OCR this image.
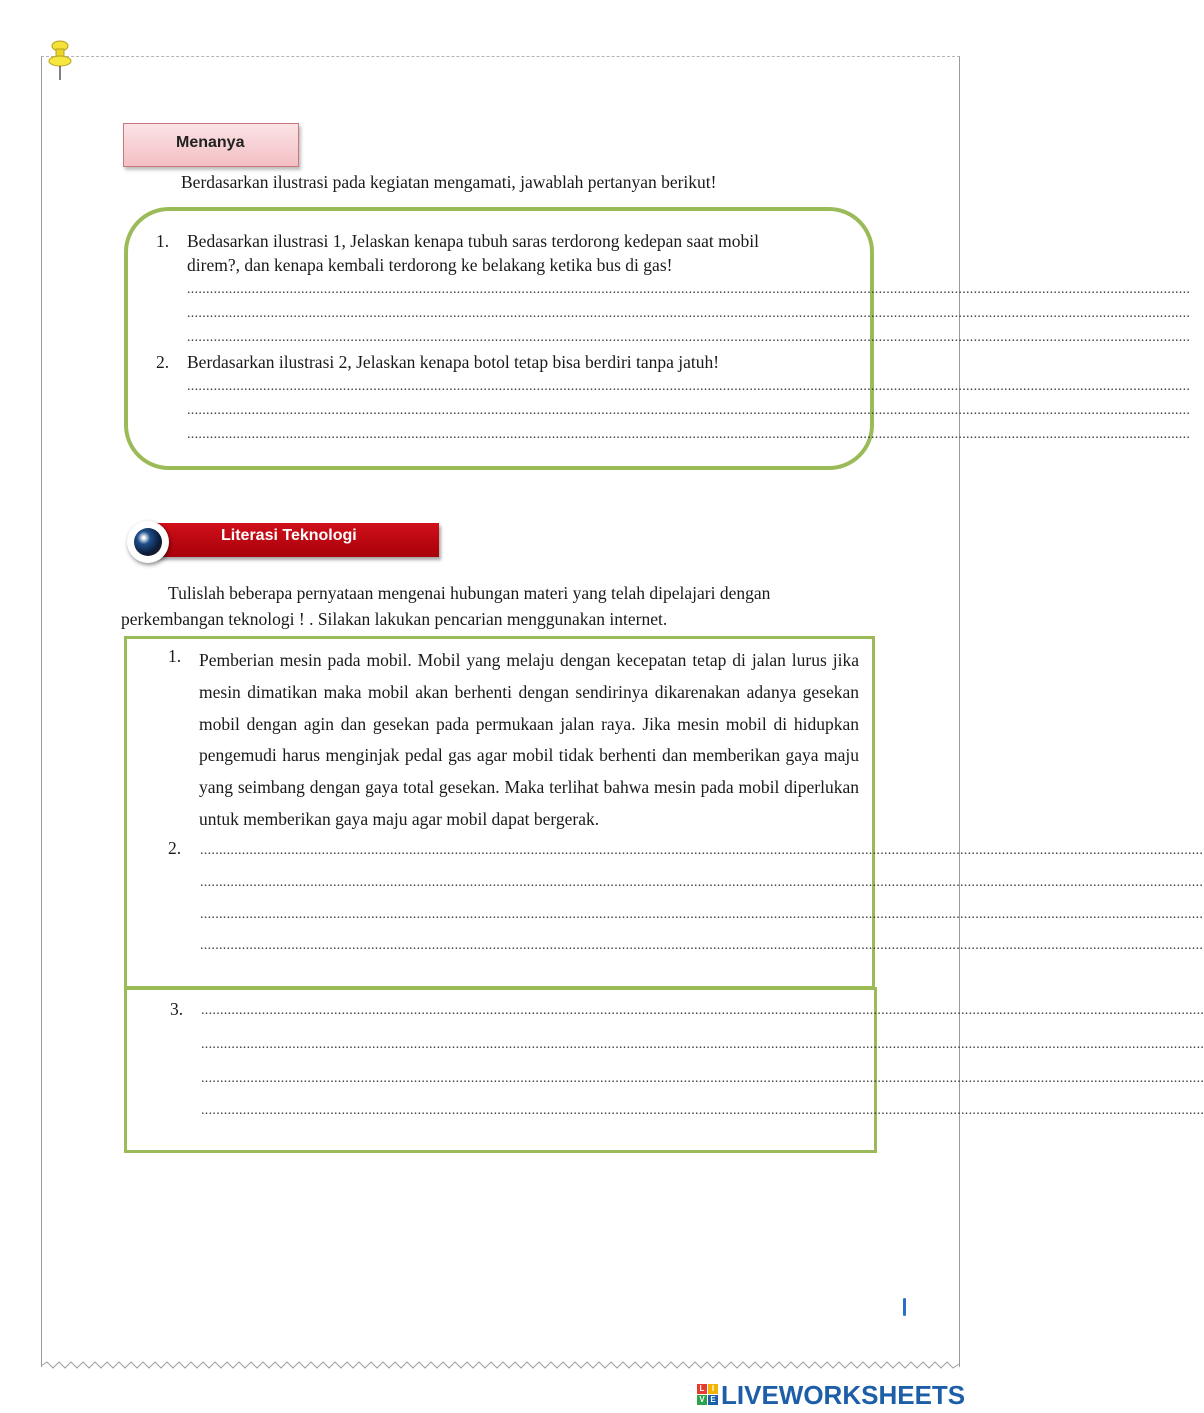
Menanya
Berdasarkan ilustrasi pada kegiatan mengamati, jawablah pertanyan berikut!
1. Bedasarkan ilustrasi 1, Jelaskan kenapa tubuh saras terdorong kedepan saat mobil
direm?, dan kenapa kembali terdorong ke belakang ketika bus di gas!
........................................................................................................................................................................................................................................................................
........................................................................................................................................................................................................................................................................
........................................................................................................................................................................................................................................................................
2. Berdasarkan ilustrasi 2, Jelaskan kenapa botol tetap bisa berdiri tanpa jatuh!
........................................................................................................................................................................................................................................................................
........................................................................................................................................................................................................................................................................
........................................................................................................................................................................................................................................................................
Literasi Teknologi
Tulislah beberapa pernyataan mengenai hubungan materi yang telah dipelajari dengan
perkembangan teknologi ! . Silakan lakukan pencarian menggunakan internet.
1. Pemberian mesin pada mobil. Mobil yang melaju dengan kecepatan tetap di jalan lurus jika mesin dimatikan maka mobil akan berhenti dengan sendirinya dikarenakan adanya gesekan mobil dengan agin dan gesekan pada permukaan jalan raya. Jika mesin mobil di hidupkan pengemudi harus menginjak pedal gas agar mobil tidak berhenti dan memberikan gaya maju yang seimbang dengan gaya total gesekan. Maka terlihat bahwa mesin pada mobil diperlukan untuk memberikan gaya maju agar mobil dapat bergerak.
2. ........................................................................................................................................................................................................................................................................
........................................................................................................................................................................................................................................................................
........................................................................................................................................................................................................................................................................
........................................................................................................................................................................................................................................................................
3. ........................................................................................................................................................................................................................................................................
........................................................................................................................................................................................................................................................................
........................................................................................................................................................................................................................................................................
........................................................................................................................................................................................................................................................................
L I
V E LIVEWORKSHEETS
